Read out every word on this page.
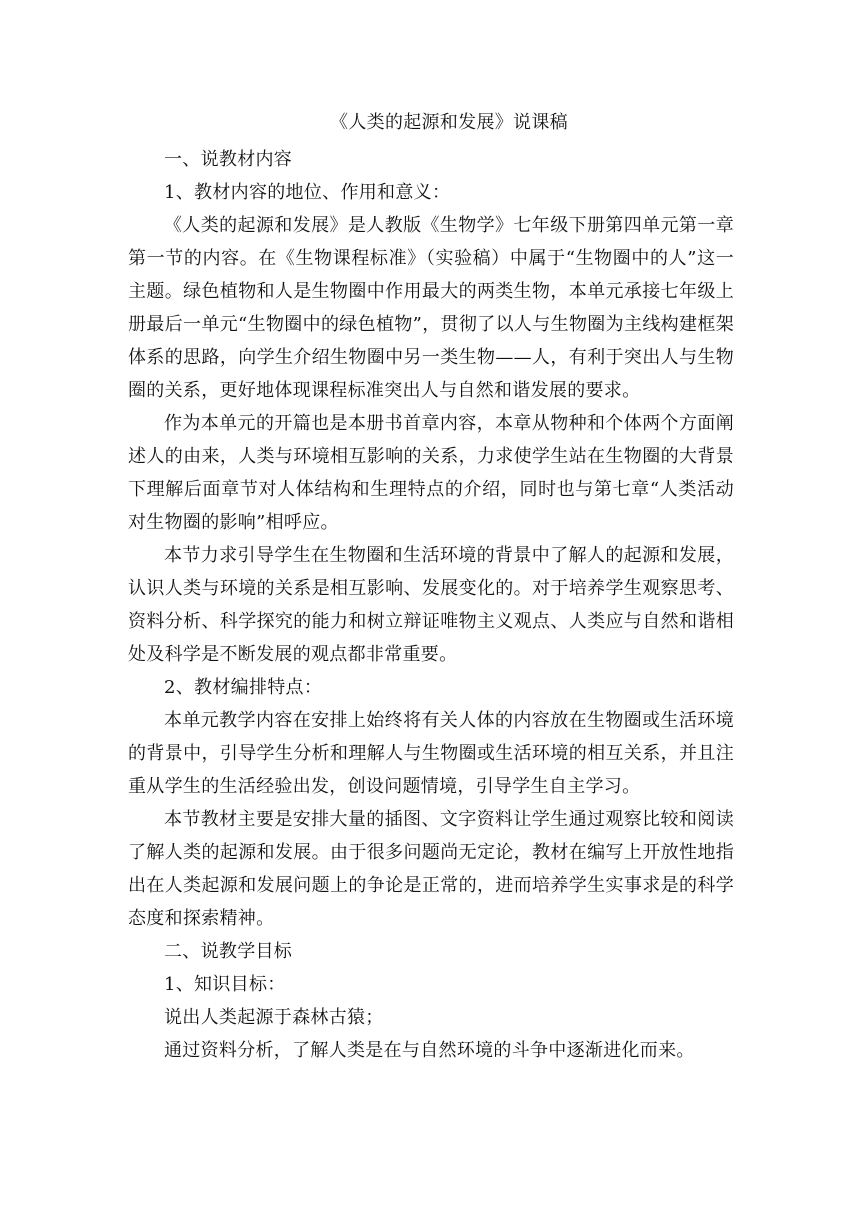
《人类的起源和发展》说课稿

一、说教材内容

1、教材内容的地位、作用和意义：

《人类的起源和发展》是人教版《生物学》七年级下册第四单元第一章第一节的内容。在《生物课程标准》（实验稿）中属于“生物圈中的人”这一主题。绿色植物和人是生物圈中作用最大的两类生物，本单元承接七年级上册最后一单元“生物圈中的绿色植物”，贯彻了以人与生物圈为主线构建框架体系的思路，向学生介绍生物圈中另一类生物——人，有利于突出人与生物圈的关系，更好地体现课程标准突出人与自然和谐发展的要求。

作为本单元的开篇也是本册书首章内容，本章从物种和个体两个方面阐述人的由来，人类与环境相互影响的关系，力求使学生站在生物圈的大背景下理解后面章节对人体结构和生理特点的介绍，同时也与第七章“人类活动对生物圈的影响”相呼应。

本节力求引导学生在生物圈和生活环境的背景中了解人的起源和发展，认识人类与环境的关系是相互影响、发展变化的。对于培养学生观察思考、资料分析、科学探究的能力和树立辩证唯物主义观点、人类应与自然和谐相处及科学是不断发展的观点都非常重要。

2、教材编排特点：

本单元教学内容在安排上始终将有关人体的内容放在生物圈或生活环境的背景中，引导学生分析和理解人与生物圈或生活环境的相互关系，并且注重从学生的生活经验出发，创设问题情境，引导学生自主学习。

本节教材主要是安排大量的插图、文字资料让学生通过观察比较和阅读了解人类的起源和发展。由于很多问题尚无定论，教材在编写上开放性地指出在人类起源和发展问题上的争论是正常的，进而培养学生实事求是的科学态度和探索精神。

二、说教学目标

1、知识目标：

说出人类起源于森林古猿；

通过资料分析，了解人类是在与自然环境的斗争中逐渐进化而来。
